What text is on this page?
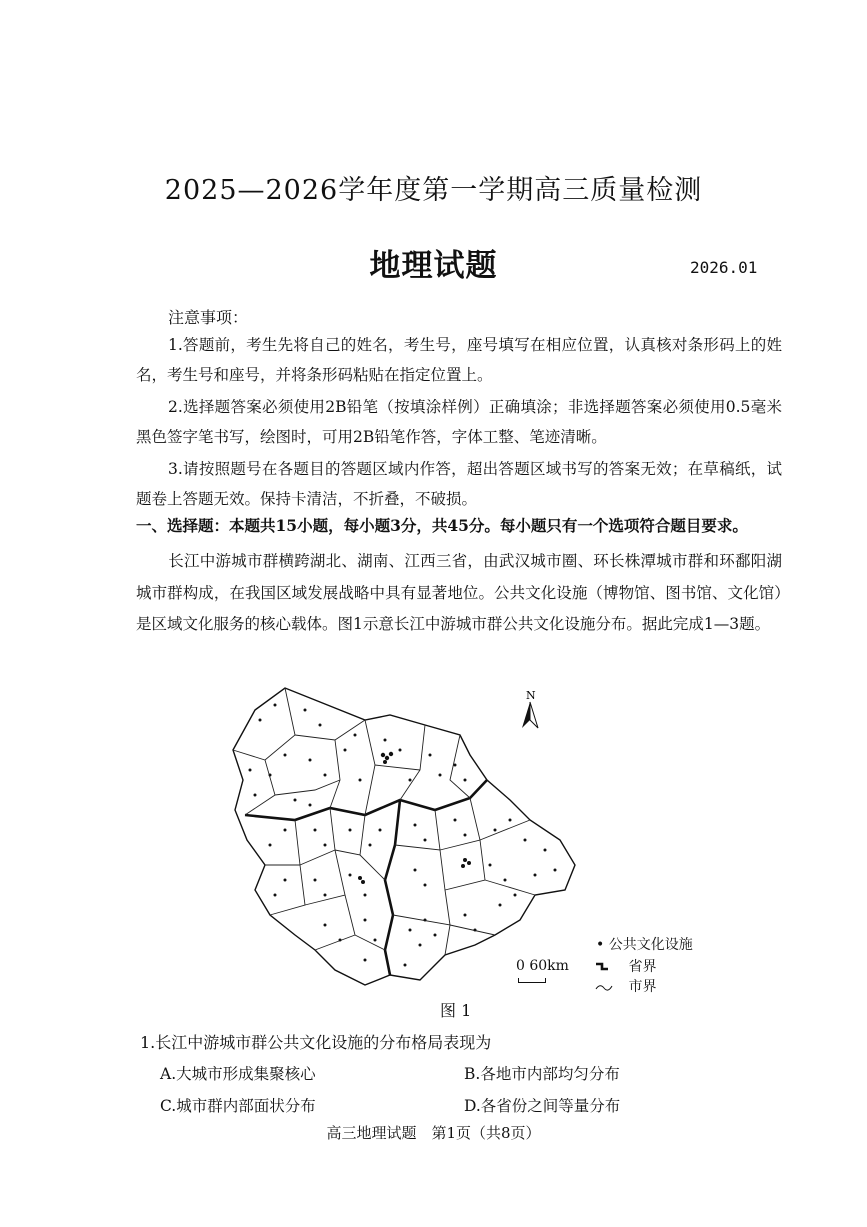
2025—2026学年度第一学期高三质量检测
地理试题	2026.01
注意事项：
1.答题前，考生先将自己的姓名，考生号，座号填写在相应位置，认真核对条形码上的姓名，考生号和座号，并将条形码粘贴在指定位置上。
2.选择题答案必须使用2B铅笔（按填涂样例）正确填涂；非选择题答案必须使用0.5毫米黑色签字笔书写，绘图时，可用2B铅笔作答，字体工整、笔迹清晰。
3.请按照题号在各题目的答题区域内作答，超出答题区域书写的答案无效；在草稿纸，试题卷上答题无效。保持卡清洁，不折叠，不破损。
一、选择题：本题共15小题，每小题3分，共45分。每小题只有一个选项符合题目要求。
长江中游城市群横跨湖北、湖南、江西三省，由武汉城市圈、环长株潭城市群和环鄱阳湖城市群构成，在我国区域发展战略中具有显著地位。公共文化设施（博物馆、图书馆、文化馆）是区域文化服务的核心载体。图1示意长江中游城市群公共文化设施分布。据此完成1—3题。
N
• 公共文化设施
0 60km	省界
市界
图 1
1.长江中游城市群公共文化设施的分布格局表现为
A.大城市形成集聚核心	B.各地市内部均匀分布
C.城市群内部面状分布	D.各省份之间等量分布
高三地理试题　第1页（共8页）
